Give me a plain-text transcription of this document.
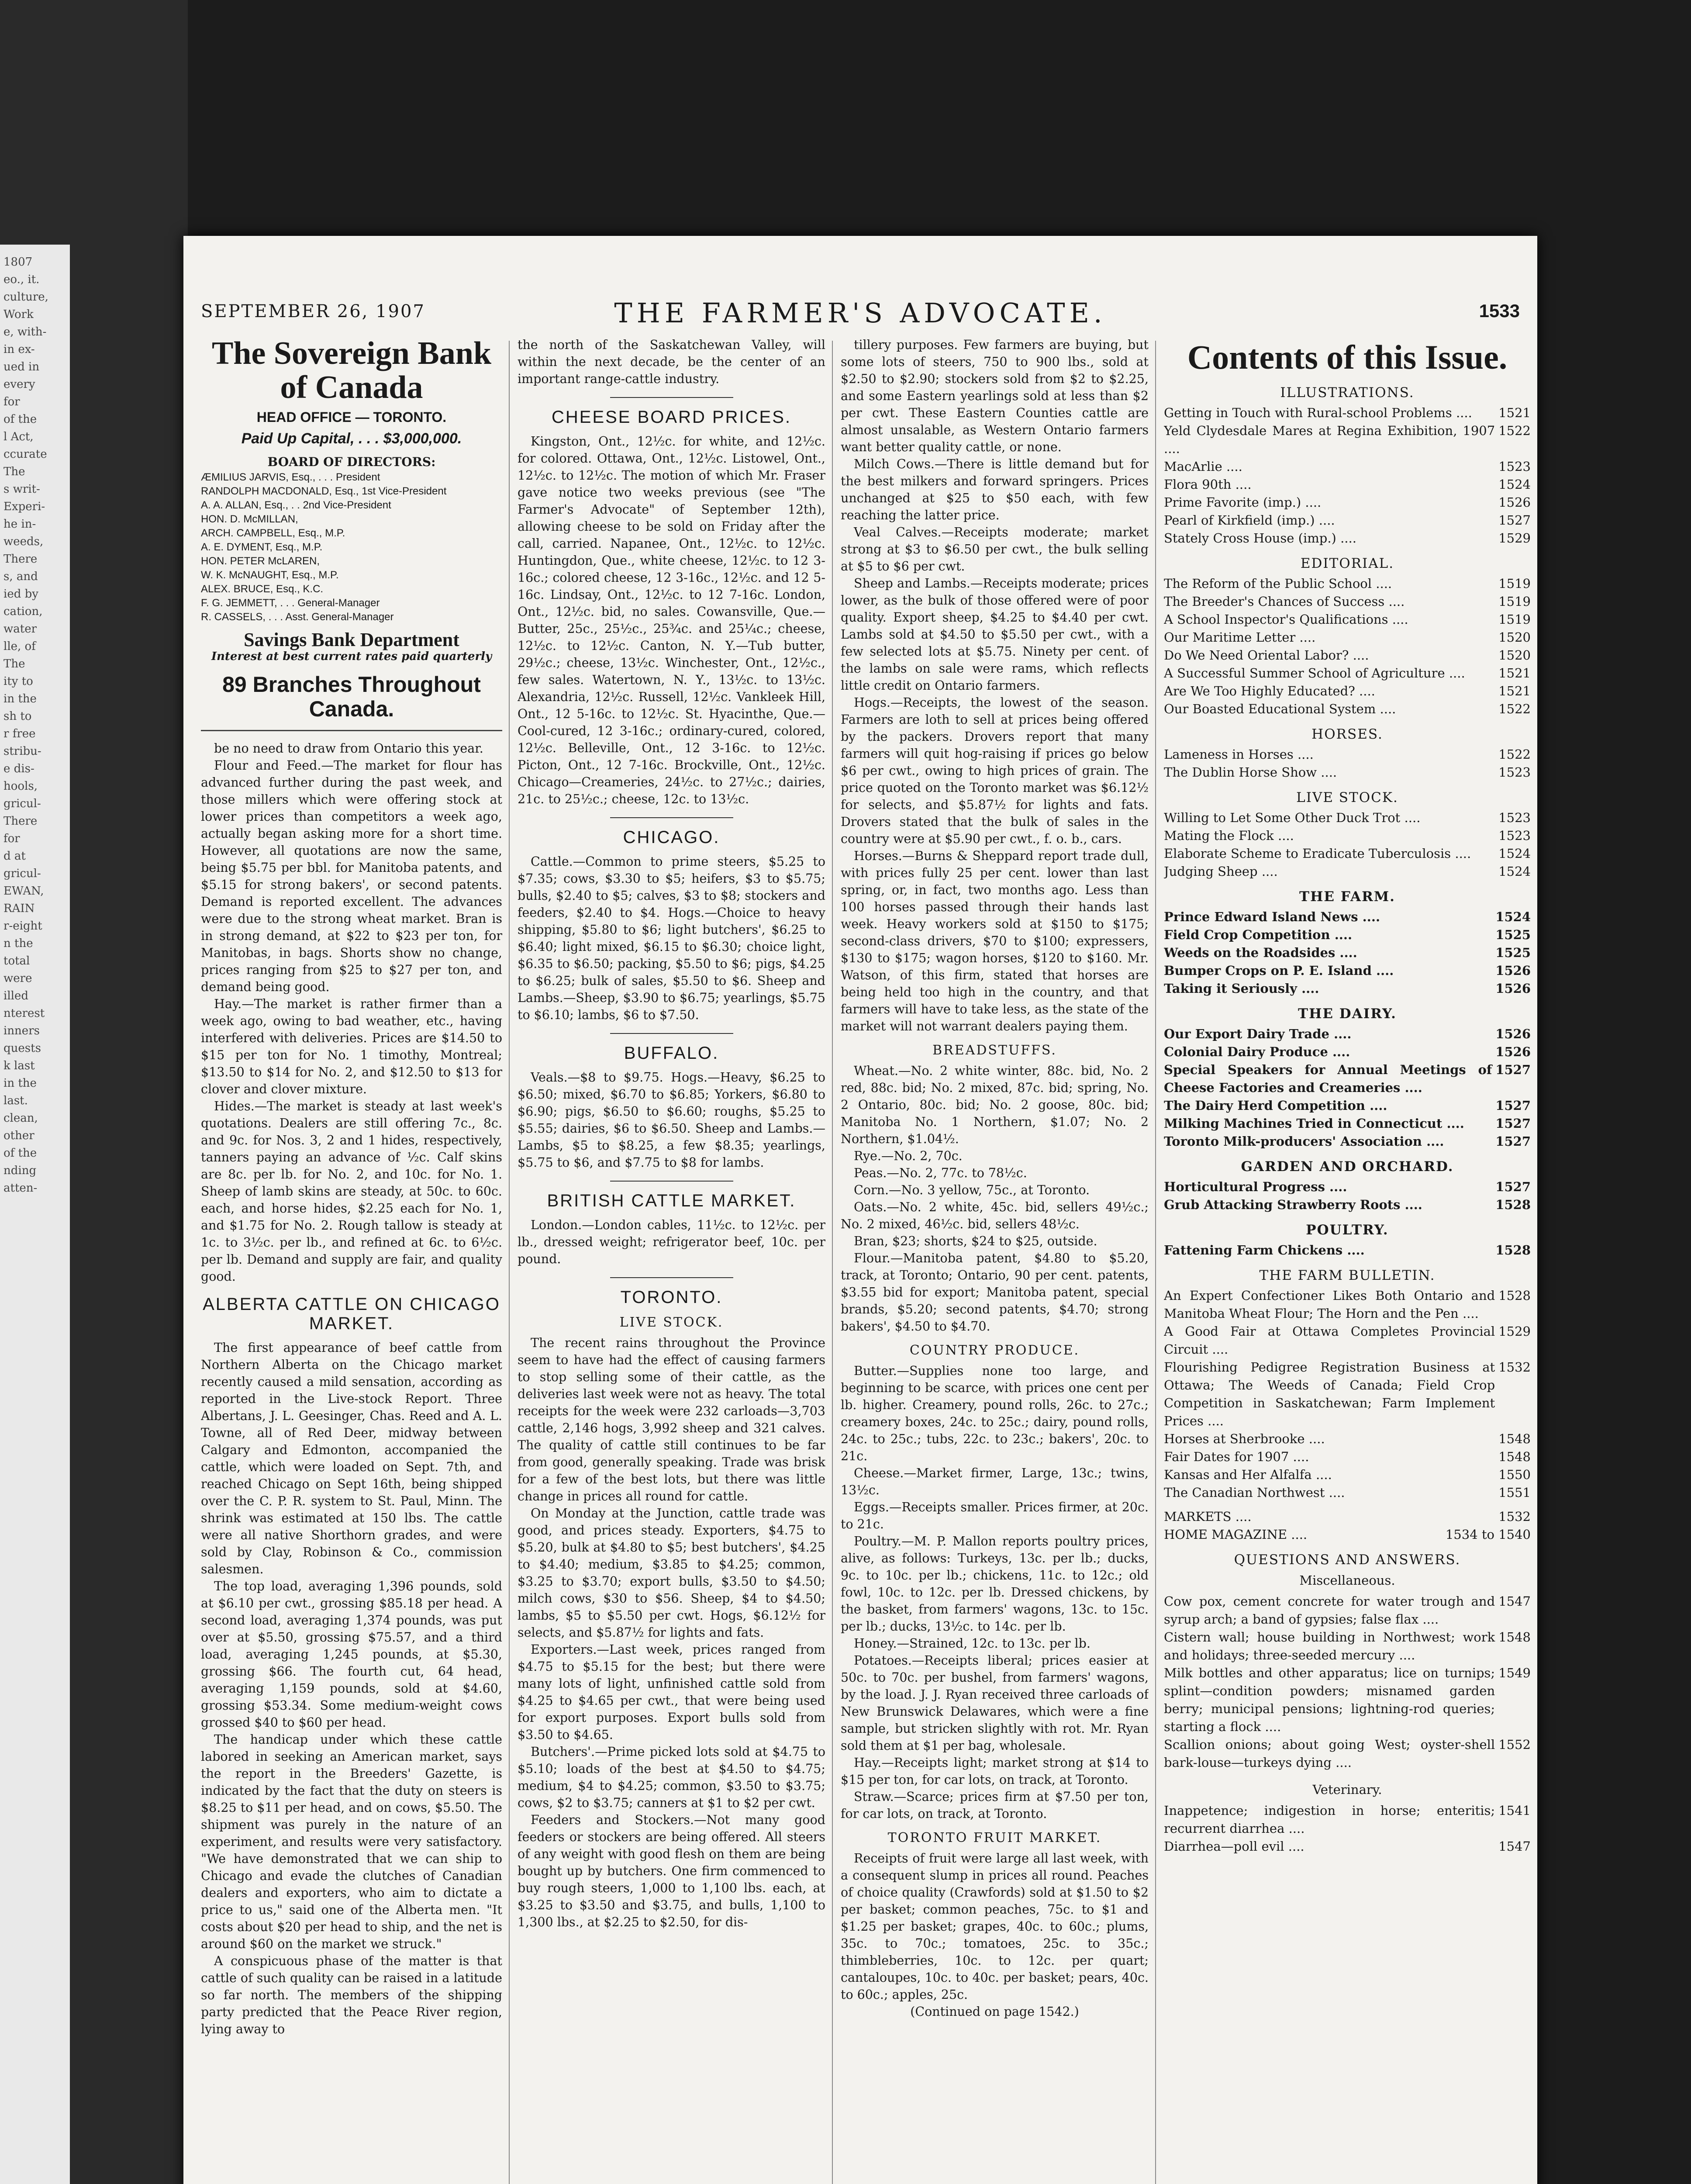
1807
eo., it.
culture,
Work
e, with-
in ex-
ued in
every
for
of the
l Act,
ccurate
The
s writ-
Experi-
he in-
weeds,
There
s, and
ied by
cation,
water
lle, of
The
ity to
in the
sh to
r free
stribu-
e dis-
hools,
gricul-
There
for
d at
gricul-
EWAN,
RAIN
r-eight
n the
total
were
illed
nterest
inners
quests
k last
in the
last.
clean,
other
of the
nding
atten-
SEPTEMBER 26, 1907	THE FARMER'S ADVOCATE.	1533
The Sovereign Bank of Canada
HEAD OFFICE — TORONTO.
Paid Up Capital, . . . $3,000,000.
BOARD OF DIRECTORS:
ÆMILIUS JARVIS, Esq., . . . President
RANDOLPH MACDONALD, Esq., 1st Vice-President
A. A. ALLAN, Esq., . . 2nd Vice-President
HON. D. McMILLAN,
ARCH. CAMPBELL, Esq., M.P.
A. E. DYMENT, Esq., M.P.
HON. PETER McLAREN,
W. K. McNAUGHT, Esq., M.P.
ALEX. BRUCE, Esq., K.C.
F. G. JEMMETT, . . . General-Manager
R. CASSELS, . . . Asst. General-Manager
Savings Bank Department
Interest at best current rates paid quarterly
89 Branches Throughout Canada.

be no need to draw from Ontario this year.

Flour and Feed.—The market for flour has advanced further during the past week, and those millers which were offering stock at lower prices than competitors a week ago, actually began asking more for a short time. However, all quotations are now the same, being $5.75 per bbl. for Manitoba patents, and $5.15 for strong bakers', or second patents. Demand is reported excellent. The advances were due to the strong wheat market. Bran is in strong demand, at $22 to $23 per ton, for Manitobas, in bags. Shorts show no change, prices ranging from $25 to $27 per ton, and demand being good.

Hay.—The market is rather firmer than a week ago, owing to bad weather, etc., having interfered with deliveries. Prices are $14.50 to $15 per ton for No. 1 timothy, Montreal; $13.50 to $14 for No. 2, and $12.50 to $13 for clover and clover mixture.

Hides.—The market is steady at last week's quotations. Dealers are still offering 7c., 8c. and 9c. for Nos. 3, 2 and 1 hides, respectively, tanners paying an advance of ½c. Calf skins are 8c. per lb. for No. 2, and 10c. for No. 1. Sheep of lamb skins are steady, at 50c. to 60c. each, and horse hides, $2.25 each for No. 1, and $1.75 for No. 2. Rough tallow is steady at 1c. to 3½c. per lb., and refined at 6c. to 6½c. per lb. Demand and supply are fair, and quality good.

ALBERTA CATTLE ON CHICAGO MARKET.

The first appearance of beef cattle from Northern Alberta on the Chicago market recently caused a mild sensation, according as reported in the Live-stock Report. Three Albertans, J. L. Geesinger, Chas. Reed and A. L. Towne, all of Red Deer, midway between Calgary and Edmonton, accompanied the cattle, which were loaded on Sept. 7th, and reached Chicago on Sept 16th, being shipped over the C. P. R. system to St. Paul, Minn. The shrink was estimated at 150 lbs. The cattle were all native Shorthorn grades, and were sold by Clay, Robinson & Co., commission salesmen.

The top load, averaging 1,396 pounds, sold at $6.10 per cwt., grossing $85.18 per head. A second load, averaging 1,374 pounds, was put over at $5.50, grossing $75.57, and a third load, averaging 1,245 pounds, at $5.30, grossing $66. The fourth cut, 64 head, averaging 1,159 pounds, sold at $4.60, grossing $53.34. Some medium-weight cows grossed $40 to $60 per head.

The handicap under which these cattle labored in seeking an American market, says the report in the Breeders' Gazette, is indicated by the fact that the duty on steers is $8.25 to $11 per head, and on cows, $5.50. The shipment was purely in the nature of an experiment, and results were very satisfactory. "We have demonstrated that we can ship to Chicago and evade the clutches of Canadian dealers and exporters, who aim to dictate a price to us," said one of the Alberta men. "It costs about $20 per head to ship, and the net is around $60 on the market we struck."

A conspicuous phase of the matter is that cattle of such quality can be raised in a latitude so far north. The members of the shipping party predicted that the Peace River region, lying away to

the north of the Saskatchewan Valley, will within the next decade, be the center of an important range-cattle industry.

CHEESE BOARD PRICES.

Kingston, Ont., 12½c. for white, and 12½c. for colored. Ottawa, Ont., 12½c. Listowel, Ont., 12½c. to 12½c. The motion of which Mr. Fraser gave notice two weeks previous (see "The Farmer's Advocate" of September 12th), allowing cheese to be sold on Friday after the call, carried. Napanee, Ont., 12½c. to 12½c. Huntingdon, Que., white cheese, 12½c. to 12 3-16c.; colored cheese, 12 3-16c., 12½c. and 12 5-16c. Lindsay, Ont., 12½c. to 12 7-16c. London, Ont., 12½c. bid, no sales. Cowansville, Que.—Butter, 25c., 25½c., 25¾c. and 25¼c.; cheese, 12½c. to 12½c. Canton, N. Y.—Tub butter, 29½c.; cheese, 13½c. Winchester, Ont., 12½c., few sales. Watertown, N. Y., 13½c. to 13½c. Alexandria, 12½c. Russell, 12½c. Vankleek Hill, Ont., 12 5-16c. to 12½c. St. Hyacinthe, Que.—Cool-cured, 12 3-16c.; ordinary-cured, colored, 12½c. Belleville, Ont., 12 3-16c. to 12½c. Picton, Ont., 12 7-16c. Brockville, Ont., 12½c. Chicago—Creameries, 24½c. to 27½c.; dairies, 21c. to 25½c.; cheese, 12c. to 13½c.

CHICAGO.

Cattle.—Common to prime steers, $5.25 to $7.35; cows, $3.30 to $5; heifers, $3 to $5.75; bulls, $2.40 to $5; calves, $3 to $8; stockers and feeders, $2.40 to $4. Hogs.—Choice to heavy shipping, $5.80 to $6; light butchers', $6.25 to $6.40; light mixed, $6.15 to $6.30; choice light, $6.35 to $6.50; packing, $5.50 to $6; pigs, $4.25 to $6.25; bulk of sales, $5.50 to $6. Sheep and Lambs.—Sheep, $3.90 to $6.75; yearlings, $5.75 to $6.10; lambs, $6 to $7.50.

BUFFALO.

Veals.—$8 to $9.75. Hogs.—Heavy, $6.25 to $6.50; mixed, $6.70 to $6.85; Yorkers, $6.80 to $6.90; pigs, $6.50 to $6.60; roughs, $5.25 to $5.55; dairies, $6 to $6.50. Sheep and Lambs.—Lambs, $5 to $8.25, a few $8.35; yearlings, $5.75 to $6, and $7.75 to $8 for lambs.

BRITISH CATTLE MARKET.

London.—London cables, 11½c. to 12½c. per lb., dressed weight; refrigerator beef, 10c. per pound.

TORONTO.
LIVE STOCK.

The recent rains throughout the Province seem to have had the effect of causing farmers to stop selling some of their cattle, as the deliveries last week were not as heavy. The total receipts for the week were 232 carloads—3,703 cattle, 2,146 hogs, 3,992 sheep and 321 calves. The quality of cattle still continues to be far from good, generally speaking. Trade was brisk for a few of the best lots, but there was little change in prices all round for cattle.

On Monday at the Junction, cattle trade was good, and prices steady. Exporters, $4.75 to $5.20, bulk at $4.80 to $5; best butchers', $4.25 to $4.40; medium, $3.85 to $4.25; common, $3.25 to $3.70; export bulls, $3.50 to $4.50; milch cows, $30 to $56. Sheep, $4 to $4.50; lambs, $5 to $5.50 per cwt. Hogs, $6.12½ for selects, and $5.87½ for lights and fats.

Exporters.—Last week, prices ranged from $4.75 to $5.15 for the best; but there were many lots of light, unfinished cattle sold from $4.25 to $4.65 per cwt., that were being used for export purposes. Export bulls sold from $3.50 to $4.65.

Butchers'.—Prime picked lots sold at $4.75 to $5.10; loads of the best at $4.50 to $4.75; medium, $4 to $4.25; common, $3.50 to $3.75; cows, $2 to $3.75; canners at $1 to $2 per cwt.

Feeders and Stockers.—Not many good feeders or stockers are being offered. All steers of any weight with good flesh on them are being bought up by butchers. One firm commenced to buy rough steers, 1,000 to 1,100 lbs. each, at $3.25 to $3.50 and $3.75, and bulls, 1,100 to 1,300 lbs., at $2.25 to $2.50, for dis-

tillery purposes. Few farmers are buying, but some lots of steers, 750 to 900 lbs., sold at $2.50 to $2.90; stockers sold from $2 to $2.25, and some Eastern yearlings sold at less than $2 per cwt. These Eastern Counties cattle are almost unsalable, as Western Ontario farmers want better quality cattle, or none.

Milch Cows.—There is little demand but for the best milkers and forward springers. Prices unchanged at $25 to $50 each, with few reaching the latter price.

Veal Calves.—Receipts moderate; market strong at $3 to $6.50 per cwt., the bulk selling at $5 to $6 per cwt.

Sheep and Lambs.—Receipts moderate; prices lower, as the bulk of those offered were of poor quality. Export sheep, $4.25 to $4.40 per cwt. Lambs sold at $4.50 to $5.50 per cwt., with a few selected lots at $5.75. Ninety per cent. of the lambs on sale were rams, which reflects little credit on Ontario farmers.

Hogs.—Receipts, the lowest of the season. Farmers are loth to sell at prices being offered by the packers. Drovers report that many farmers will quit hog-raising if prices go below $6 per cwt., owing to high prices of grain. The price quoted on the Toronto market was $6.12½ for selects, and $5.87½ for lights and fats. Drovers stated that the bulk of sales in the country were at $5.90 per cwt., f. o. b., cars.

Horses.—Burns & Sheppard report trade dull, with prices fully 25 per cent. lower than last spring, or, in fact, two months ago. Less than 100 horses passed through their hands last week. Heavy workers sold at $150 to $175; second-class drivers, $70 to $100; expressers, $130 to $175; wagon horses, $120 to $160. Mr. Watson, of this firm, stated that horses are being held too high in the country, and that farmers will have to take less, as the state of the market will not warrant dealers paying them.

BREADSTUFFS.

Wheat.—No. 2 white winter, 88c. bid, No. 2 red, 88c. bid; No. 2 mixed, 87c. bid; spring, No. 2 Ontario, 80c. bid; No. 2 goose, 80c. bid; Manitoba No. 1 Northern, $1.07; No. 2 Northern, $1.04½.

Rye.—No. 2, 70c.

Peas.—No. 2, 77c. to 78½c.

Corn.—No. 3 yellow, 75c., at Toronto.

Oats.—No. 2 white, 45c. bid, sellers 49½c.; No. 2 mixed, 46½c. bid, sellers 48½c.

Bran, $23; shorts, $24 to $25, outside.

Flour.—Manitoba patent, $4.80 to $5.20, track, at Toronto; Ontario, 90 per cent. patents, $3.55 bid for export; Manitoba patent, special brands, $5.20; second patents, $4.70; strong bakers', $4.50 to $4.70.

COUNTRY PRODUCE.

Butter.—Supplies none too large, and beginning to be scarce, with prices one cent per lb. higher. Creamery, pound rolls, 26c. to 27c.; creamery boxes, 24c. to 25c.; dairy, pound rolls, 24c. to 25c.; tubs, 22c. to 23c.; bakers', 20c. to 21c.

Cheese.—Market firmer, Large, 13c.; twins, 13½c.

Eggs.—Receipts smaller. Prices firmer, at 20c. to 21c.

Poultry.—M. P. Mallon reports poultry prices, alive, as follows: Turkeys, 13c. per lb.; ducks, 9c. to 10c. per lb.; chickens, 11c. to 12c.; old fowl, 10c. to 12c. per lb. Dressed chickens, by the basket, from farmers' wagons, 13c. to 15c. per lb.; ducks, 13½c. to 14c. per lb.

Honey.—Strained, 12c. to 13c. per lb.

Potatoes.—Receipts liberal; prices easier at 50c. to 70c. per bushel, from farmers' wagons, by the load. J. J. Ryan received three carloads of New Brunswick Delawares, which were a fine sample, but stricken slightly with rot. Mr. Ryan sold them at $1 per bag, wholesale.

Hay.—Receipts light; market strong at $14 to $15 per ton, for car lots, on track, at Toronto.

Straw.—Scarce; prices firm at $7.50 per ton, for car lots, on track, at Toronto.

TORONTO FRUIT MARKET.

Receipts of fruit were large all last week, with a consequent slump in prices all round. Peaches of choice quality (Crawfords) sold at $1.50 to $2 per basket; common peaches, 75c. to $1 and $1.25 per basket; grapes, 40c. to 60c.; plums, 35c. to 70c.; tomatoes, 25c. to 35c.; thimbleberries, 10c. to 12c. per quart; cantaloupes, 10c. to 40c. per basket; pears, 40c. to 60c.; apples, 25c.

(Continued on page 1542.)

Contents of this Issue.
ILLUSTRATIONS.
Getting in Touch with Rural-school Problems ....	1521
Yeld Clydesdale Mares at Regina Exhibition, 1907 ....
1522
MacArlie ....	1523
Flora 90th ....	1524
Prime Favorite (imp.) ....	1526
Pearl of Kirkfield (imp.) ....	1527
Stately Cross House (imp.) ....	1529
EDITORIAL.
The Reform of the Public School ....	1519
The Breeder's Chances of Success ....	1519
A School Inspector's Qualifications ....	1519
Our Maritime Letter ....	1520
Do We Need Oriental Labor? ....	1520
A Successful Summer School of Agriculture ....	1521
Are We Too Highly Educated? ....	1521
Our Boasted Educational System ....	1522
HORSES.
Lameness in Horses ....	1522
The Dublin Horse Show ....	1523
LIVE STOCK.
Willing to Let Some Other Duck Trot ....	1523
Mating the Flock ....	1523
Elaborate Scheme to Eradicate Tuberculosis ....	1524
Judging Sheep ....	1524
THE FARM.
Prince Edward Island News ....	1524
Field Crop Competition ....	1525
Weeds on the Roadsides ....	1525
Bumper Crops on P. E. Island ....	1526
Taking it Seriously ....	1526
THE DAIRY.
Our Export Dairy Trade ....	1526
Colonial Dairy Produce ....	1526
Special Speakers for Annual Meetings of Cheese Factories and Creameries ....
1527
The Dairy Herd Competition ....	1527
Milking Machines Tried in Connecticut ....	1527
Toronto Milk-producers' Association ....	1527
GARDEN AND ORCHARD.
Horticultural Progress ....	1527
Grub Attacking Strawberry Roots ....	1528
POULTRY.
Fattening Farm Chickens ....	1528
THE FARM BULLETIN.
An Expert Confectioner Likes Both Ontario and Manitoba Wheat Flour; The Horn and the Pen ....
1528
A Good Fair at Ottawa Completes Provincial Circuit ....
1529
Flourishing Pedigree Registration Business at Ottawa; The Weeds of Canada; Field Crop Competition in Saskatchewan; Farm Implement Prices ....
1532
Horses at Sherbrooke ....	1548
Fair Dates for 1907 ....	1548
Kansas and Her Alfalfa ....	1550
The Canadian Northwest ....	1551
MARKETS ....	1532
HOME MAGAZINE ....	1534 to 1540
QUESTIONS AND ANSWERS.
Miscellaneous.
Cow pox, cement concrete for water trough and syrup arch; a band of gypsies; false flax ....
1547
Cistern wall; house building in Northwest; work and holidays; three-seeded mercury ....
1548
Milk bottles and other apparatus; lice on turnips; splint—condition powders; misnamed garden berry; municipal pensions; lightning-rod queries; starting a flock ....
1549
Scallion onions; about going West; oyster-shell bark-louse—turkeys dying ....
1552
Veterinary.
Inappetence; indigestion in horse; enteritis; recurrent diarrhea ....
1541
Diarrhea—poll evil ....	1547
